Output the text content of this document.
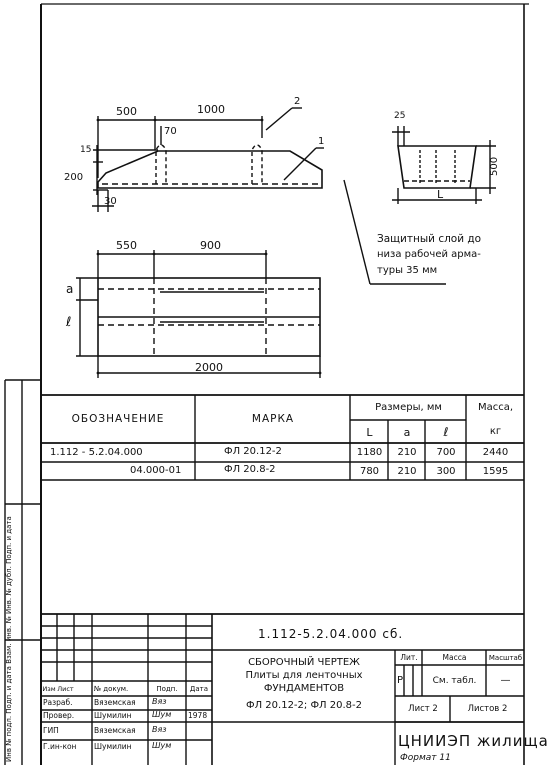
500	1000
70
15
200
30
1
2
25
500
L
Защитный слой до
низа рабочей арма-
туры 35 мм
550	900
a
ℓ
2000
ОБОЗНАЧЕНИЕ	МАРКА
Размеры, мм	Масса,
кг
L	a	ℓ
1.112 - 5.2.04.000	ФЛ 20.12-2	1180	210	700	2440
04.000-01	ФЛ 20.8-2	780	210	300	1595
Инв № подл. Подп. и дата Взам. инв. № Инв. № дубл. Подп. и дата	1.112-5.2.04.000 сб.
СБОРОЧНЫЙ ЧЕРТЕЖ
Плиты для ленточных
ФУНДАМЕНТОВ
ФЛ 20.12-2; ФЛ 20.8-2
Изм Лист	№ докум.	Подп.	Дата
Разраб.	Вяземская Вяз
Провер.	Шумилин	Шум 1978
ГИП	Вяземская Вяз
Г.ин-кон Шумилин	Шум
Лит.	Масса	Масштаб
Р	См. табл.	—
Лист 2	Листов 2
ЦНИИЭП жилища
Формат 11
